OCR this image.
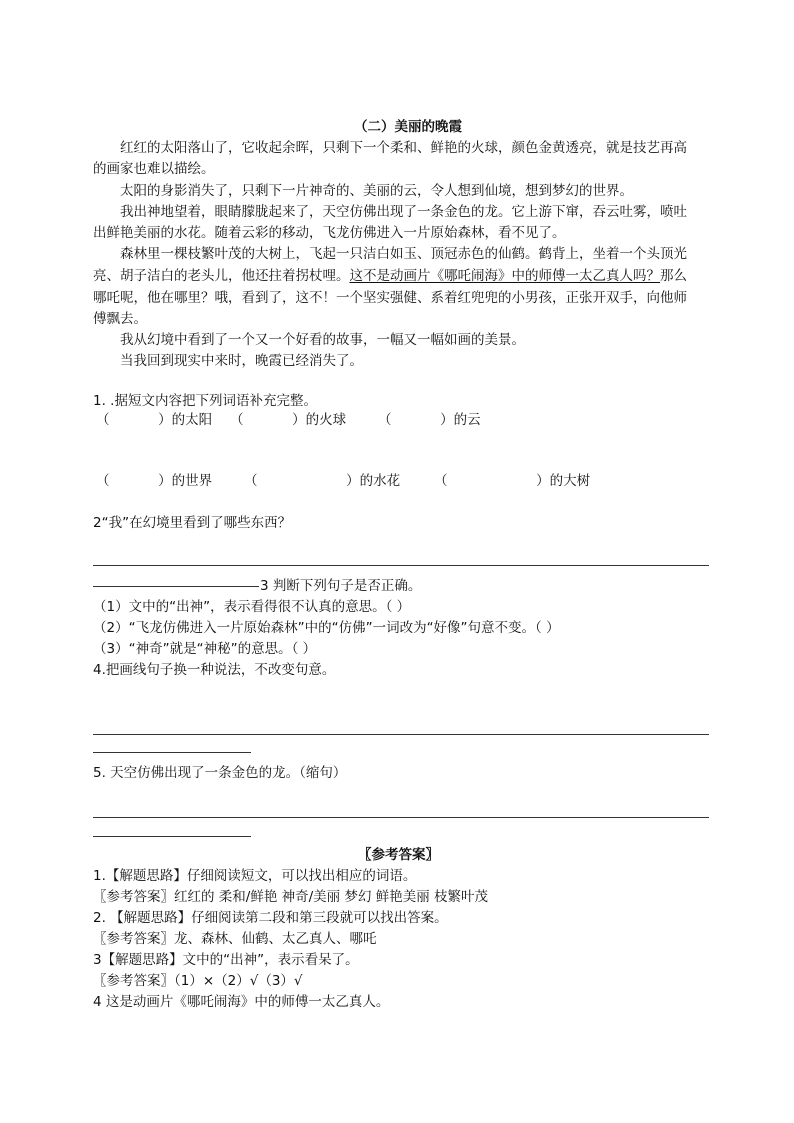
（二）美丽的晚霞
红红的太阳落山了，它收起余晖，只剩下一个柔和、鲜艳的火球，颜色金黄透亮，就是技艺再高
的画家也难以描绘。
太阳的身影消失了，只剩下一片神奇的、美丽的云，令人想到仙境，想到梦幻的世界。
我出神地望着，眼睛朦胧起来了，天空仿佛出现了一条金色的龙。它上游下窜，吞云吐雾，喷吐
出鲜艳美丽的水花。随着云彩的移动，飞龙仿佛进入一片原始森林，看不见了。
森林里一棵枝繁叶茂的大树上，飞起一只洁白如玉、顶冠赤色的仙鹤。鹤背上，坐着一个头顶光
亮、胡子洁白的老头儿，他还拄着拐杖哩。这不是动画片《哪吒闹海》中的师傅一太乙真人吗？那么
哪吒呢，他在哪里？哦，看到了，这不！一个坚实强健、系着红兜兜的小男孩，正张开双手，向他师
傅飘去。
我从幻境中看到了一个又一个好看的故事，一幅又一幅如画的美景。
当我回到现实中来时，晚霞已经消失了。
1. .据短文内容把下列词语补充完整。
（	）的太阳 （	）的火球 （	）的云
（	）的世界 （	）的水花	（	）的大树
2“我”在幻境里看到了哪些东西？
3 判断下列句子是否正确。
（1）文中的“出神”，表示看得很不认真的意思。（ ）
（2）“飞龙仿佛进入一片原始森林”中的“仿佛”一词改为“好像”句意不变。（ ）
（3）“神奇”就是“神秘”的意思。（ ）
4.把画线句子换一种说法，不改变句意。
5. 天空仿佛出现了一条金色的龙。（缩句）
〖参考答案〗
1.【解题思路】仔细阅读短文，可以找出相应的词语。
〖参考答案〗红红的 柔和/鲜艳 神奇/美丽 梦幻 鲜艳美丽 枝繁叶茂
2. 【解题思路】仔细阅读第二段和第三段就可以找出答案。
〖参考答案〗龙、森林、仙鹤、太乙真人、哪吒
3【解题思路】文中的“出神”，表示看呆了。
〖参考答案〗（1）×（2）√（3）√
4 这是动画片《哪吒闹海》中的师傅一太乙真人。
